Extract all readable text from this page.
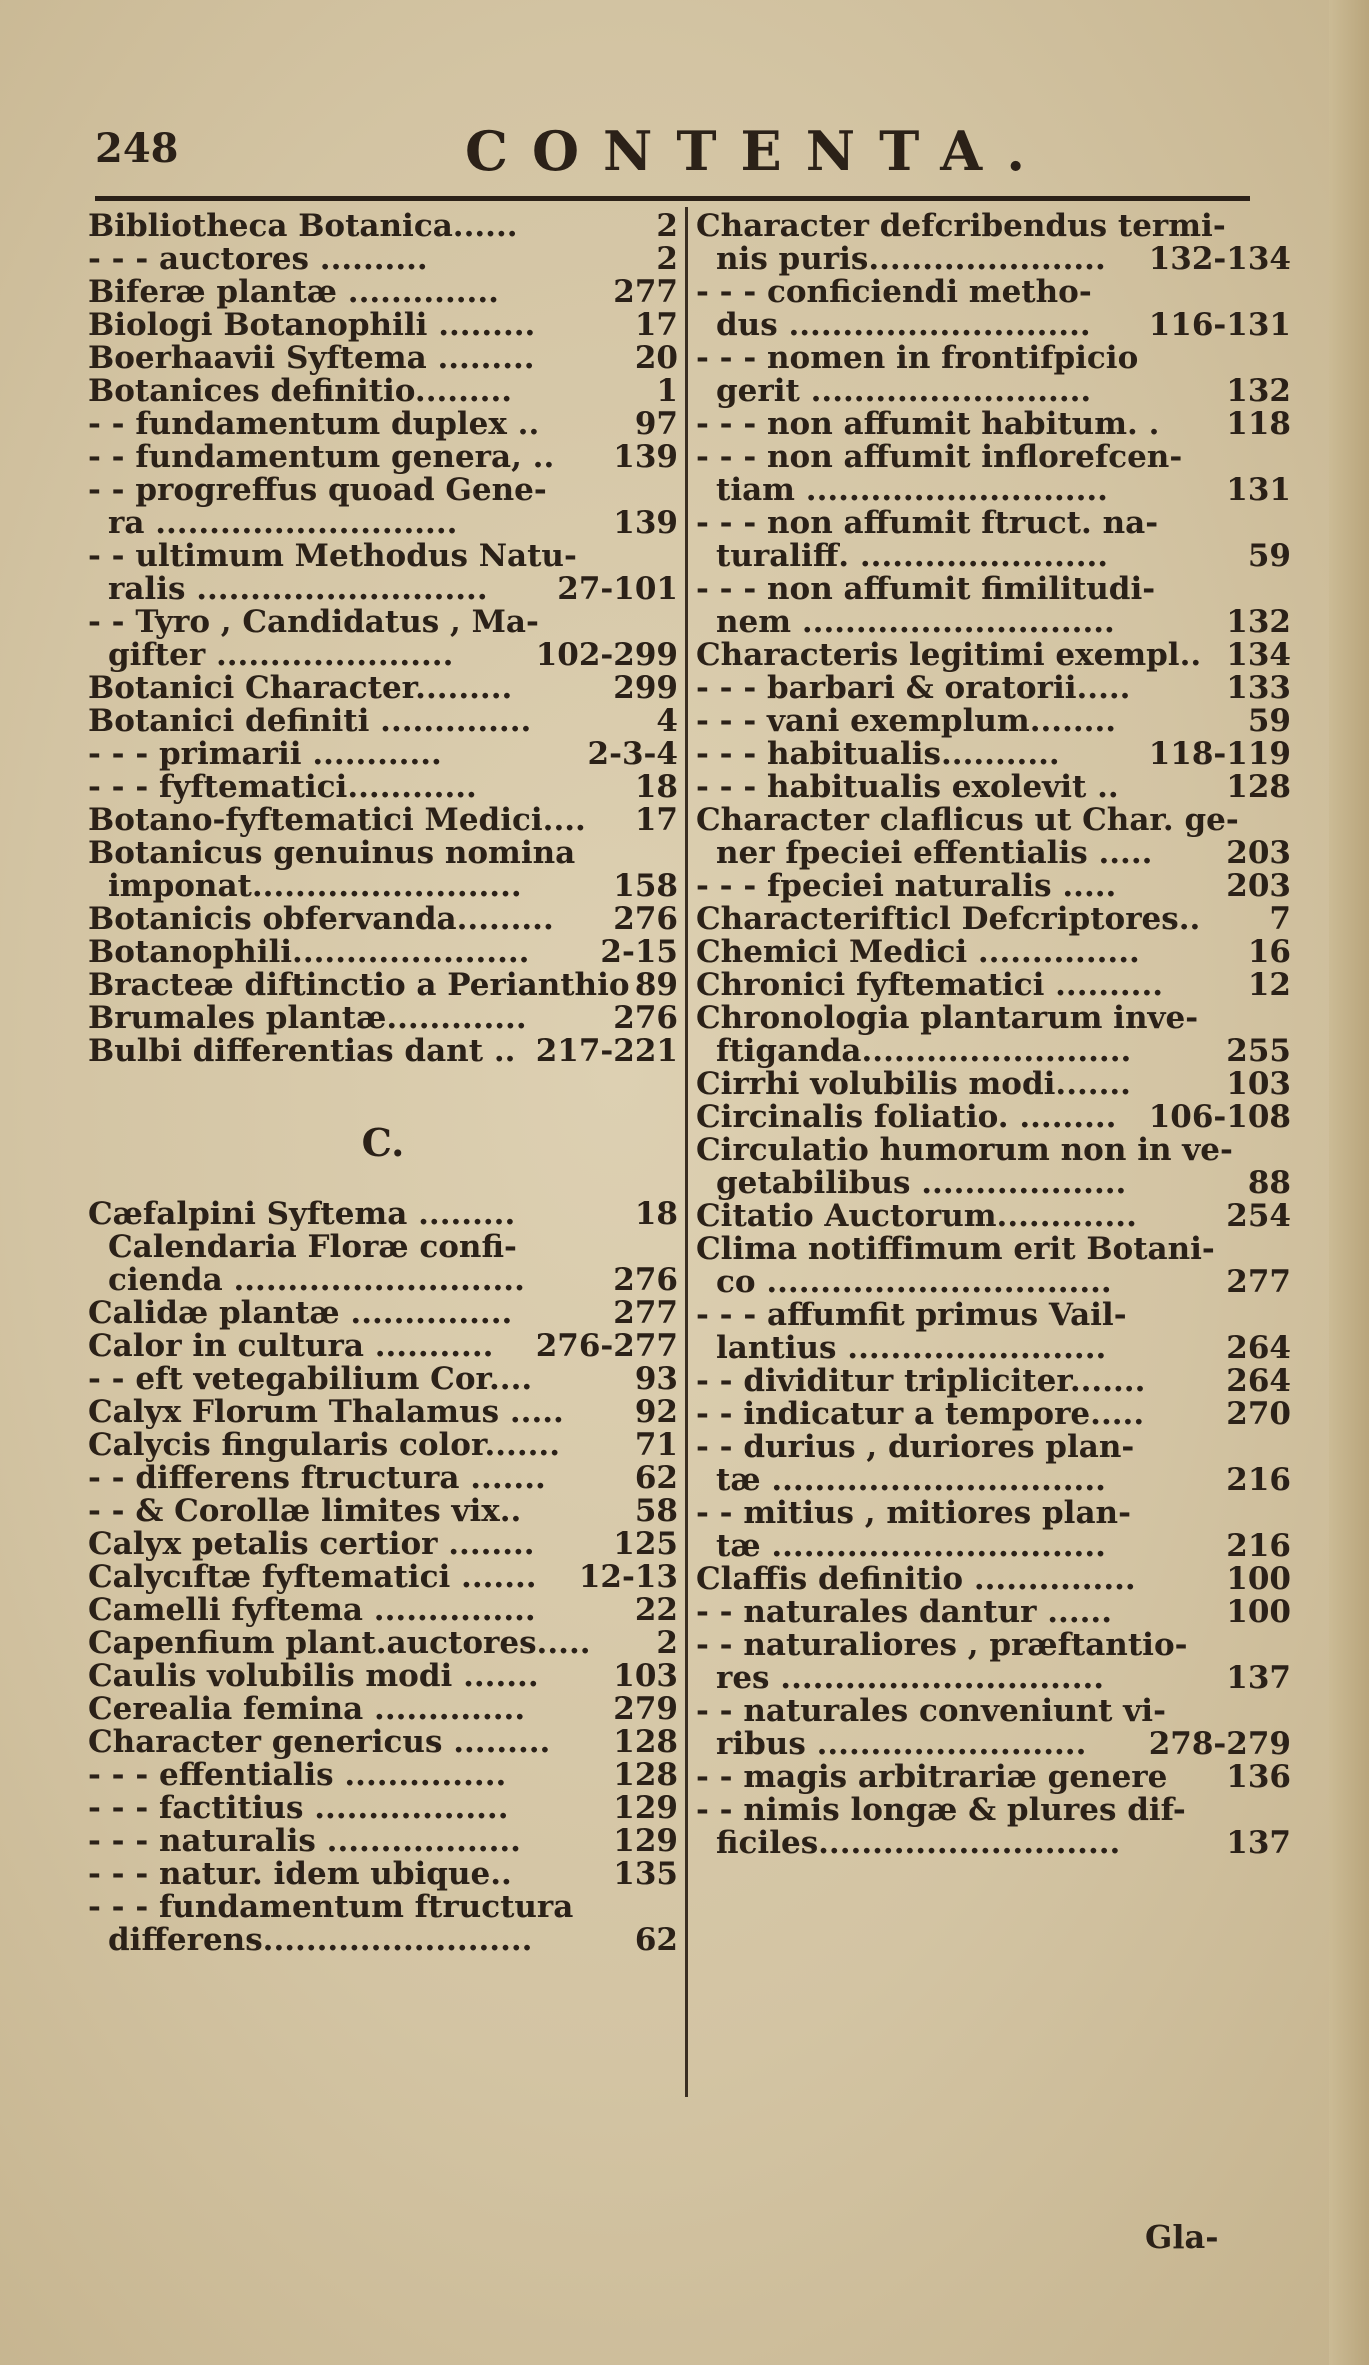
248	CONTENTA.
2
Bibliotheca Botanica......
2
- - - auctores ..........
277
Biferæ plantæ ..............
17
Biologi Botanophili .........
20
Boerhaavii Syftema .........
1
Botanices definitio.........
97
- - fundamentum duplex ..
139
- - fundamentum genera, ..
- - progreffus quoad Gene-
139
ra ............................
- - ultimum Methodus Natu-
27-101
ralis ...........................
- - Tyro , Candidatus , Ma-
102-299
gifter ......................
299
Botanici Character.........
4
Botanici definiti ..............
2-3-4
- - - primarii ............
18
- - - fyftematici............
17
Botano-fyftematici Medici....
Botanicus genuinus nomina
158
imponat.........................
276
Botanicis obfervanda.........
2-15
Botanophili......................
89
Bracteæ diftinctio a Perianthio
276
Brumales plantæ.............
217-221
Bulbi differentias dant ..
C.
18
Cæfalpini Syftema .........
Calendaria Floræ confi-
276
cienda ...........................
277
Calidæ plantæ ...............
276-277
Calor in cultura ...........
93
- - eft vetegabilium Cor....
92
Calyx Florum Thalamus .....
71
Calycis fingularis color.......
62
- - differens ftructura .......
58
- - & Corollæ limites vix..
125
Calyx petalis certior ........
12-13
Calycıftæ fyftematici .......
22
Camelli fyftema ...............
2
Capenfium plant.auctores.....
103
Caulis volubilis modi .......
279
Cerealia femina ..............
128
Character genericus .........
128
- - - effentialis ...............
129
- - - factitius ..................
129
- - - naturalis ..................
135
- - - natur. idem ubique..
- - - fundamentum ftructura
62
differens.........................
Character defcribendus termi-
132-134
nis puris......................
- - - conficiendi metho-
116-131
dus ............................
- - - nomen in frontifpicio
132
gerit ..........................
118
- - - non affumit habitum. .
- - - non affumit inflorefcen-
131
tiam ............................
- - - non affumit ftruct. na-
59
turaliff. .......................
- - - non affumit fimilitudi-
132
nem .............................
134
Characteris legitimi exempl..
133
- - - barbari & oratorii.....
59
- - - vani exemplum........
118-119
- - - habitualis...........
128
- - - habitualis exolevit ..
Character claflicus ut Char. ge-
203
ner fpeciei effentialis .....
203
- - - fpeciei naturalis .....
7
Characterifticl Defcriptores..
16
Chemici Medici ...............
12
Chronici fyftematici ..........
Chronologia plantarum inve-
255
ftiganda.........................
103
Cirrhi volubilis modi.......
106-108
Circinalis foliatio. .........
Circulatio humorum non in ve-
88
getabilibus ...................
254
Citatio Auctorum.............
Clima notiffimum erit Botani-
277
co ................................
- - - affumfit primus Vail-
264
lantius ........................
264
- - dividitur tripliciter.......
270
- - indicatur a tempore.....
- - durius , duriores plan-
216
tæ ...............................
- - mitius , mitiores plan-
216
tæ ...............................
100
Claffis definitio ...............
100
- - naturales dantur ......
- - naturaliores , præftantio-
137
res ..............................
- - naturales conveniunt vi-
278-279
ribus .........................
136
- - magis arbitrariæ genere
- - nimis longæ & plures dif-
137
ficiles............................
Gla-
